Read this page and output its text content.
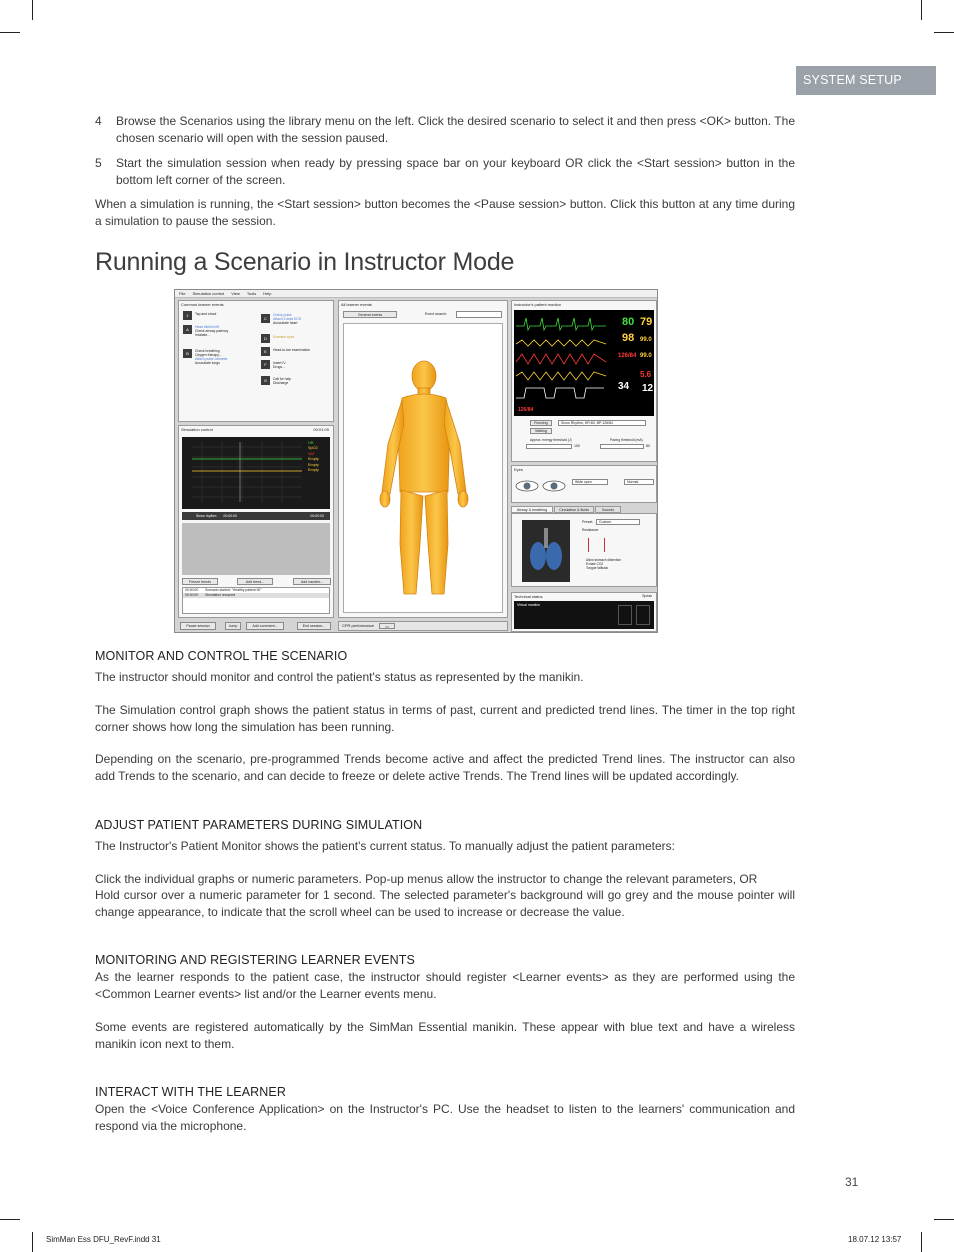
SYSTEM SETUP
4 Browse the Scenarios using the library menu on the left. Click the desired scenario to select it and then press <OK> button. The chosen scenario will open with the session paused.
5 Start the simulation session when ready by pressing space bar on your keyboard OR click the <Start session> button in the bottom left corner of the screen.
When a simulation is running, the <Start session> button becomes the <Pause session> button. Click this button at any time during a simulation to pause the session.
Running a Scenario in Instructor Mode
File Simulation control View Tools Help
Common learner events
1	Tap and shout
A	Head tilt/chin lift
Check airway patency
Intubate...
B	Check breathing
Oxygen therapy...
Attach pulse oximeter
Auscultate lungs
C
Check pulse
Attach 3-lead ECG
Auscultate heart
D	Examine eyes
E	Head-to-toe examination
F	Insert IV
Drugs...
G	Call for help
Discharge
Simulation control	00:01:09
HR
SpO2
SAT
Empty
Empty
Empty
Sinus rhythm 00:00:00	00:00:00
Freeze trends	Add trend...	Add handler...
00:00:00 Scenario started: "Healthy patient 30"
00:00:00 Simulation resumed
Pause session	Jump	Add comment...	End session...
All learner events
General events	Event search:
CPR performance	>>
Instructor's patient monitor
80 79
98 99.0
126/84 99.0
34 12
5.6
126/84
Running
Waiting
Sinus Rhythm, HR:80, BP:126/84
Approx. energy threshold (J)
150
Pacing threshold (mA)
80
Eyes
Wide open	Normal
Airway & breathing	Circulation & fluids	Sounds
Preset:	Custom
Resistance
Allow stomach distention
Exhale CO2
Tongue fallback
Technical status	Speak
Virtual manikin
MONITOR AND CONTROL THE SCENARIO
The instructor should monitor and control the patient's status as represented by the manikin.
The Simulation control graph shows the patient status in terms of past, current and predicted trend lines. The timer in the top right corner shows how long the simulation has been running.
Depending on the scenario, pre-programmed Trends become active and affect the predicted Trend lines. The instructor can also add Trends to the scenario, and can decide to freeze or delete active Trends. The Trend lines will be updated accordingly.
ADJUST PATIENT PARAMETERS DURING SIMULATION
The Instructor's Patient Monitor shows the patient's current status. To manually adjust the patient parameters:
Click the individual graphs or numeric parameters. Pop-up menus allow the instructor to change the relevant parameters, OR
Hold cursor over a numeric parameter for 1 second. The selected parameter's background will go grey and the mouse pointer will change appearance, to indicate that the scroll wheel can be used to increase or decrease the value.
MONITORING AND REGISTERING LEARNER EVENTS
As the learner responds to the patient case, the instructor should register <Learner events> as they are performed using the <Common Learner events> list and/or the Learner events menu.
Some events are registered automatically by the SimMan Essential manikin. These appear with blue text and have a wireless manikin icon next to them.
INTERACT WITH THE LEARNER
Open the <Voice Conference Application> on the Instructor's PC. Use the headset to listen to the learners' communication and respond via the microphone.
31
SimMan Ess DFU_RevF.indd 31	18.07.12 13:57
